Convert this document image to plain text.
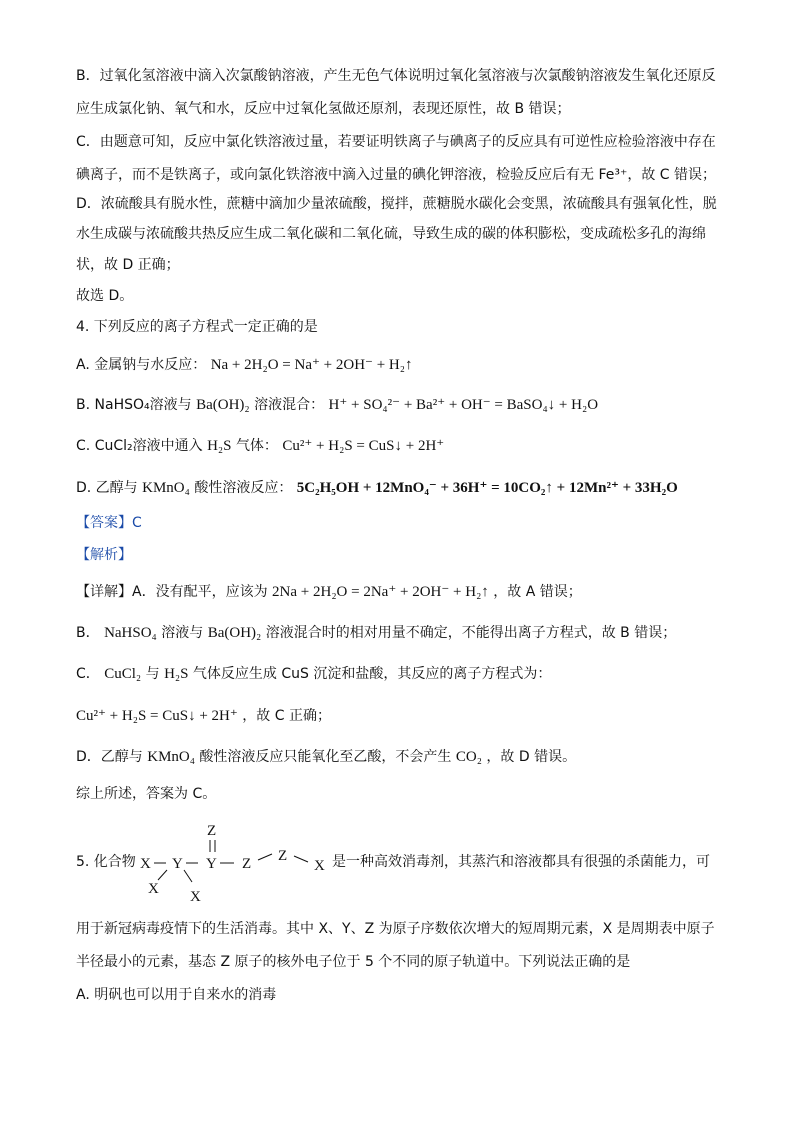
B．过氧化氢溶液中滴入次氯酸钠溶液，产生无色气体说明过氧化氢溶液与次氯酸钠溶液发生氧化还原反
应生成氯化钠、氧气和水，反应中过氧化氢做还原剂，表现还原性，故 B 错误；
C．由题意可知，反应中氯化铁溶液过量，若要证明铁离子与碘离子的反应具有可逆性应检验溶液中存在
碘离子，而不是铁离子，或向氯化铁溶液中滴入过量的碘化钾溶液，检验反应后有无 Fe³⁺，故 C 错误；
D．浓硫酸具有脱水性，蔗糖中滴加少量浓硫酸，搅拌，蔗糖脱水碳化会变黑，浓硫酸具有强氧化性，脱
水生成碳与浓硫酸共热反应生成二氧化碳和二氧化硫，导致生成的碳的体积膨松，变成疏松多孔的海绵
状，故 D 正确；
故选 D。
4. 下列反应的离子方程式一定正确的是
A. 金属钠与水反应： Na + 2H₂O = Na⁺ + 2OH⁻ + H₂↑
B. NaHSO₄溶液与 Ba(OH)₂ 溶液混合： H⁺ + SO₄²⁻ + Ba²⁺ + OH⁻ = BaSO₄↓ + H₂O
C. CuCl₂溶液中通入 H₂S 气体： Cu²⁺ + H₂S = CuS↓ + 2H⁺
D. 乙醇与 KMnO₄ 酸性溶液反应： 5C₂H₅OH + 12MnO₄⁻ + 36H⁺ = 10CO₂↑ + 12Mn²⁺ + 33H₂O
【答案】C
【解析】
【详解】A．没有配平，应该为 2Na + 2H₂O = 2Na⁺ + 2OH⁻ + H₂↑ ，故 A 错误；
B． NaHSO₄ 溶液与 Ba(OH)₂ 溶液混合时的相对用量不确定，不能得出离子方程式，故 B 错误；
C． CuCl₂ 与 H₂S 气体反应生成 CuS 沉淀和盐酸，其反应的离子方程式为：
Cu²⁺ + H₂S = CuS↓ + 2H⁺ ，故 C 正确；
D．乙醇与 KMnO₄ 酸性溶液反应只能氧化至乙酸，不会产生 CO₂ ，故 D 错误。
综上所述，答案为 C。
5. 化合物 X Y Y
Z
Z Z
X
X X
是一种高效消毒剂，其蒸汽和溶液都具有很强的杀菌能力，可
用于新冠病毒疫情下的生活消毒。其中 X、Y、Z 为原子序数依次增大的短周期元素，X 是周期表中原子
半径最小的元素，基态 Z 原子的核外电子位于 5 个不同的原子轨道中。下列说法正确的是
A. 明矾也可以用于自来水的消毒
